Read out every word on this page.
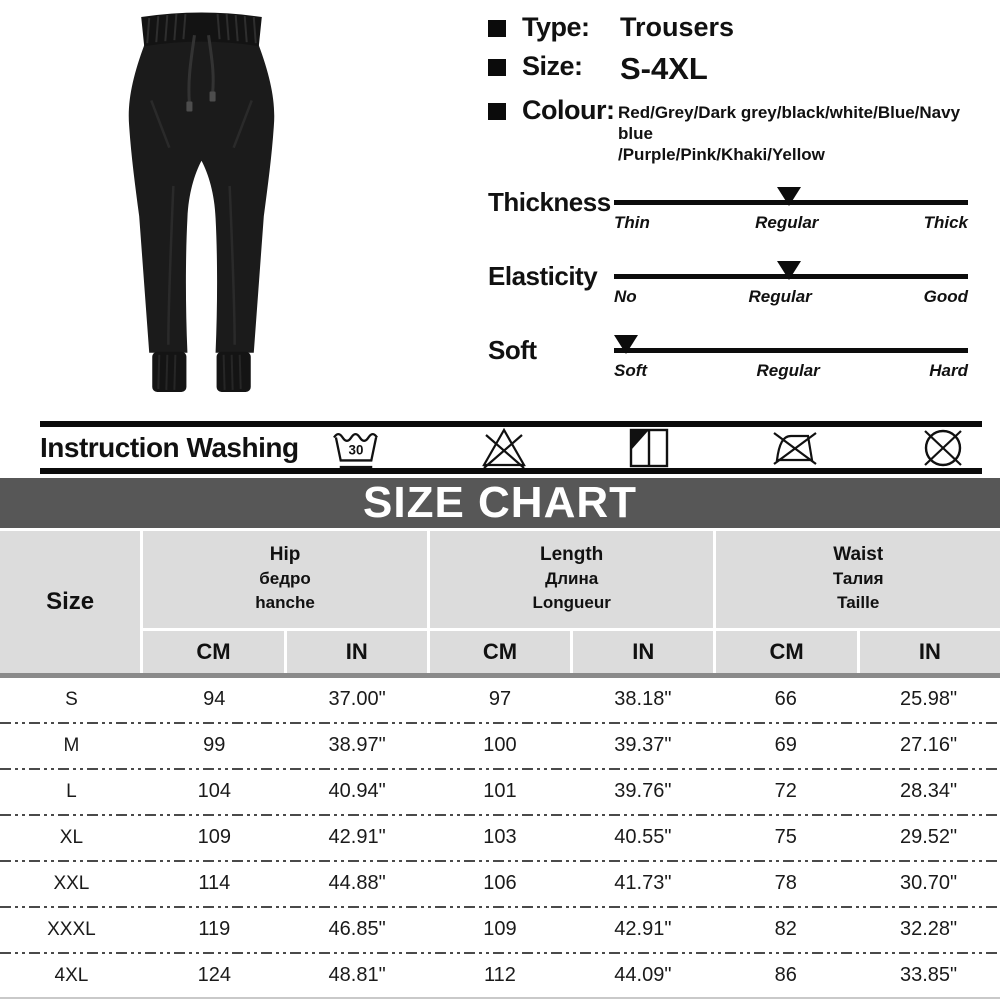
Type:	Trousers
Size:	S-4XL
Colour: Red/Grey/Dark grey/black/white/Blue/Navy blue
/Purple/Pink/Khaki/Yellow
Thickness
Thin	Regular	Thick
Elasticity
No	Regular	Good
Soft
Soft	Regular	Hard
Instruction Washing	30
SIZE CHART
Size
Hip
бедро
hanche
Length
Длина
Longueur
Waist
Талия
Taille
CM	IN	CM	IN	CM	IN
S	94	37.00"	97	38.18"	66	25.98"
M	99	38.97"	100	39.37"	69	27.16"
L	104	40.94"	101	39.76"	72	28.34"
XL	109	42.91"	103	40.55"	75	29.52"
XXL	114	44.88"	106	41.73"	78	30.70"
XXXL	119	46.85"	109	42.91"	82	32.28"
4XL	124	48.81"	112	44.09"	86	33.85"
